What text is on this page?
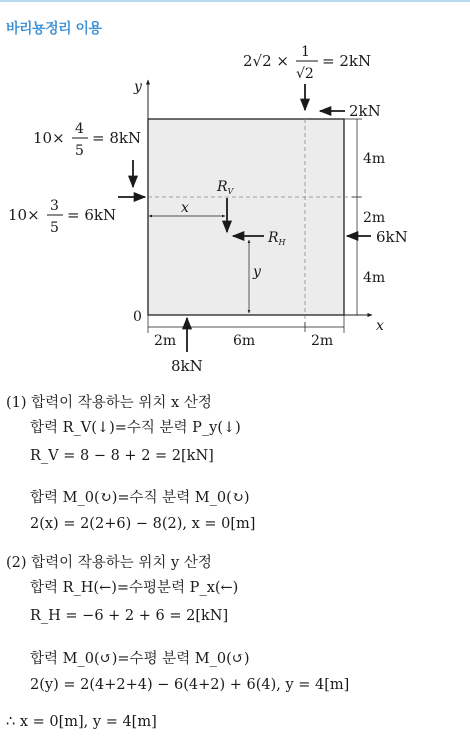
바리뇽정리 이용
y
x
0
2√2 × 1
√2
= 2kN
2kN
10× 4
5
= 8kN
10× 3
5
= 6kN
6kN
8kN
$R_V$
$R_H$
x
y
4m
2m
4m
2m	6m	2m
(1) 합력이 작용하는 위치 x 산정
합력 R_V(↓)=수직 분력 P_y(↓)
R_V = 8 − 8 + 2 = 2[kN]
합력 M_0(↻)=수직 분력 M_0(↻)
2(x) = 2(2+6) − 8(2), x = 0[m]
(2) 합력이 작용하는 위치 y 산정
합력 R_H(←)=수평분력 P_x(←)
R_H = −6 + 2 + 6 = 2[kN]
합력 M_0(↺)=수평 분력 M_0(↺)
2(y) = 2(4+2+4) − 6(4+2) + 6(4), y = 4[m]
∴ x = 0[m], y = 4[m]
